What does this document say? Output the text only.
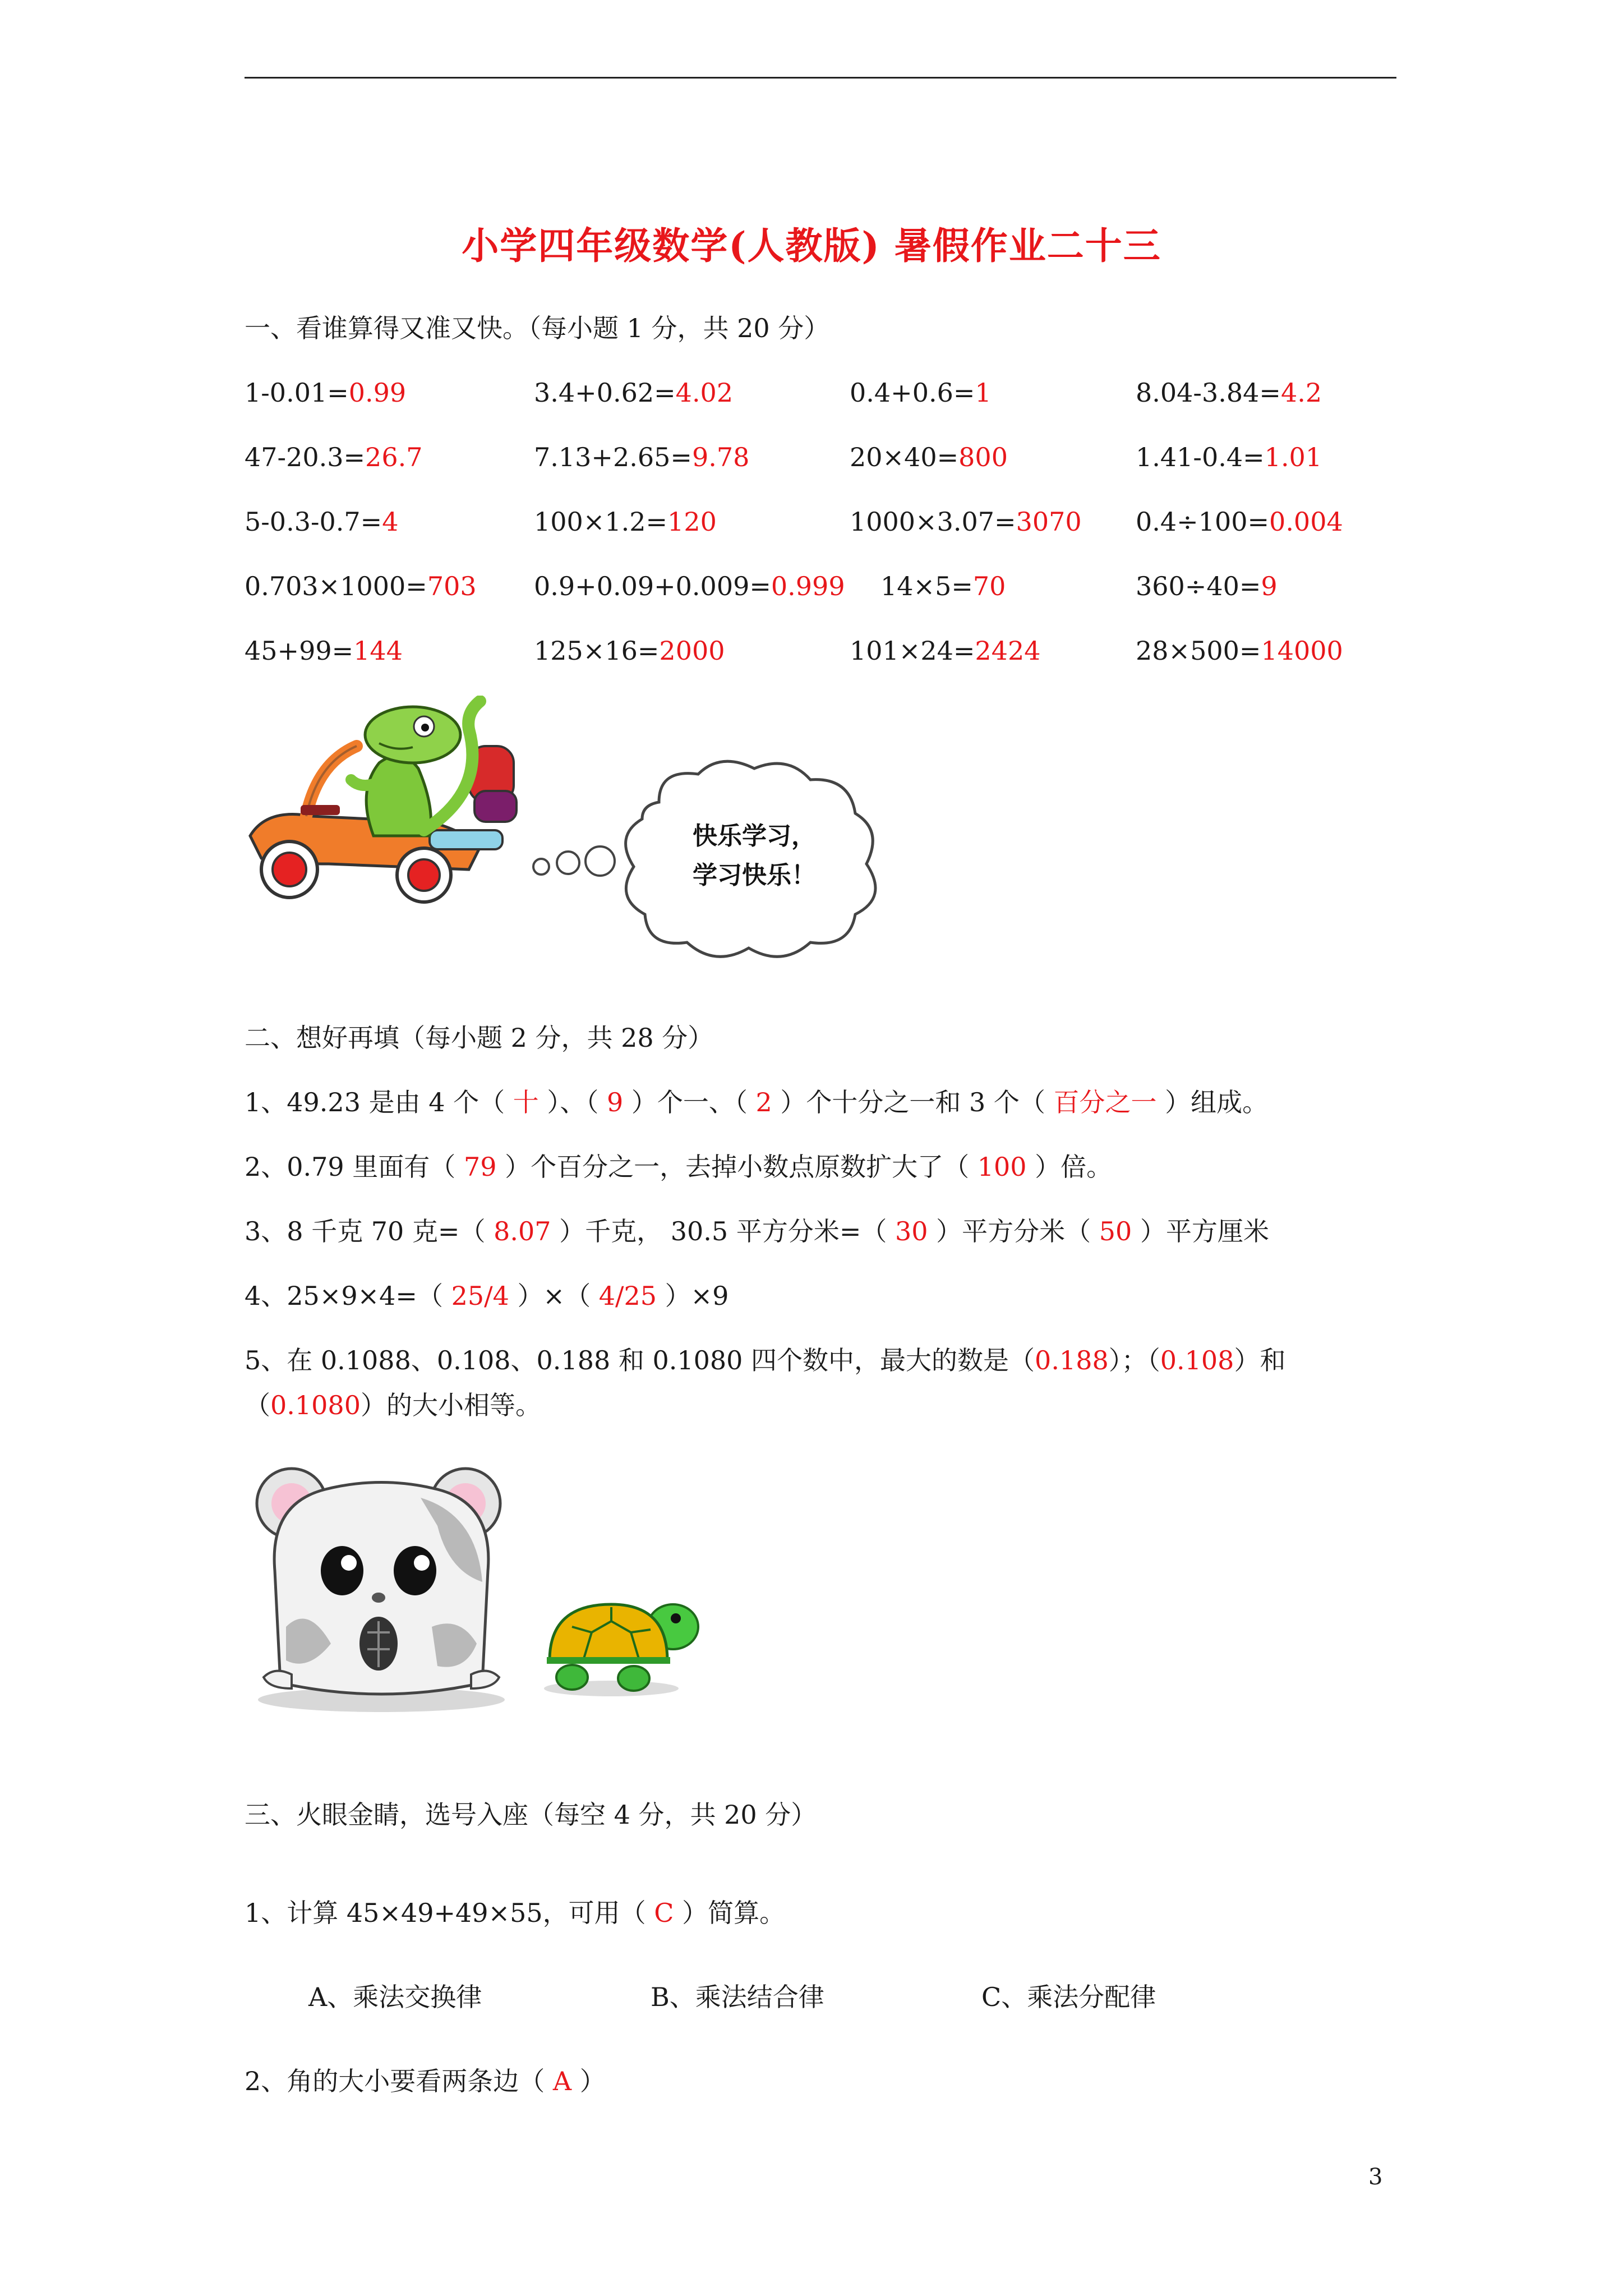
小学四年级数学(人教版) 暑假作业二十三
一、看谁算得又准又快。（每小题 1 分，共 20 分）
1-0.01=0.99	3.4+0.62=4.02	0.4+0.6=1	8.04-3.84=4.2
47-20.3=26.7	7.13+2.65=9.78	20×40=800	1.41-0.4=1.01
5-0.3-0.7=4	100×1.2=120	1000×3.07=3070 0.4÷100=0.004
0.703×1000=703 0.9+0.09+0.009=0.999 14×5=70	360÷40=9
45+99=144	125×16=2000	101×24=2424	28×500=14000
快乐学习，
学习快乐！
二、想好再填（每小题 2 分，共 28 分）
1、49.23 是由 4 个（ 十 ）、（ 9 ）个一、（ 2 ）个十分之一和 3 个（ 百分之一 ）组成。
2、0.79 里面有（ 79 ）个百分之一，去掉小数点原数扩大了（ 100 ）倍。
3、8 千克 70 克=（ 8.07 ）千克， 30.5 平方分米=（ 30 ）平方分米（ 50 ）平方厘米
4、25×9×4=（ 25/4 ）×（ 4/25 ）×9
5、在 0.1088、0.108、0.188 和 0.1080 四个数中，最大的数是（0.188）；（0.108）和
（0.1080）的大小相等。
三、火眼金睛，选号入座（每空 4 分，共 20 分）
1、计算 45×49+49×55，可用（ C ）简算。
A、乘法交换律	B、乘法结合律	C、乘法分配律
2、角的大小要看两条边（ A ）
3
